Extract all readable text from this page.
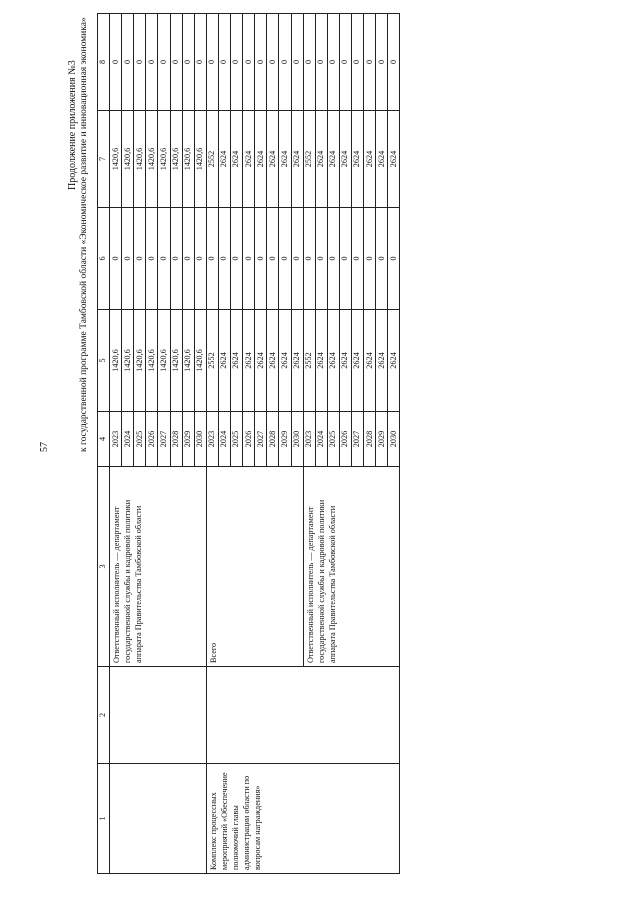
57
Продолжение приложения №3 к государственной программе Тамбовской области «Экономическое развитие и инновационная экономика»
1	2	3	4	5	6	7	8	
		Ответственный исполнитель — департамент государственной службы и кадровой политики аппарата Правительства Тамбовской области	2023	1420,6	0	1420,6	0	
			2024	1420,6	0	1420,6	0	
			2025	1420,6	0	1420,6	0	
			2026	1420,6	0	1420,6	0	
			2027	1420,6	0	1420,6	0	
			2028	1420,6	0	1420,6	0	
			2029	1420,6	0	1420,6	0	
			2030	1420,6	0	1420,6	0	
Комплекс процессных мероприятий «Обеспечение полномочий главы администрации области по вопросам награждения»		Всего	2023	2552	0	2552	0	
			2024	2624	0	2624	0	
			2025	2624	0	2624	0	
			2026	2624	0	2624	0	
			2027	2624	0	2624	0	
			2028	2624	0	2624	0	
			2029	2624	0	2624	0	
			2030	2624	0	2624	0	
		Ответственный исполнитель — департамент государственной службы и кадровой политики аппарата Правительства Тамбовской области	2023	2552	0	2552	0	
			2024	2624	0	2624	0	
			2025	2624	0	2624	0	
			2026	2624	0	2624	0	
			2027	2624	0	2624	0	
			2028	2624	0	2624	0	
			2029	2624	0	2624	0	
			2030	2624	0	2624	0	
